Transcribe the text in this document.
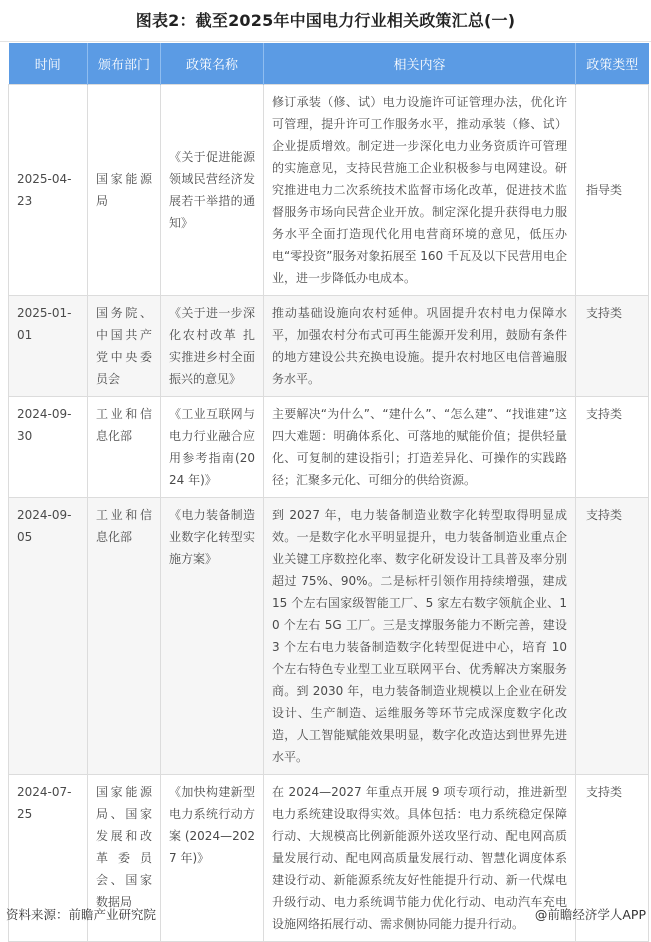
图表2：截至2025年中国电力行业相关政策汇总(一)
时间	颁布部门	政策名称	相关内容	政策类型
2025-04-23	国家能源局	《关于促进能源领域民营经济发展若干举措的通知》	修订承装（修、试）电力设施许可证管理办法，优化许可管理，提升许可工作服务水平，推动承装（修、试）企业提质增效。制定进一步深化电力业务资质许可管理的实施意见，支持民营施工企业积极参与电网建设。研究推进电力二次系统技术监督市场化改革，促进技术监督服务市场向民营企业开放。制定深化提升获得电力服务水平全面打造现代化用电营商环境的意见，低压办电“零投资”服务对象拓展至 160 千瓦及以下民营用电企业，进一步降低办电成本。	指导类
2025-01-01	国务院、中国共产党中央委员会	《关于进一步深化农村改革 扎实推进乡村全面振兴的意见》	推动基础设施向农村延伸。巩固提升农村电力保障水平，加强农村分布式可再生能源开发利用，鼓励有条件的地方建设公共充换电设施。提升农村地区电信普遍服务水平。	支持类
2024-09-30	工业和信息化部	《工业互联网与电力行业融合应用参考指南(2024 年)》	主要解决“为什么”、“建什么”、“怎么建”、“找谁建”这四大难题：明确体系化、可落地的赋能价值；提供轻量化、可复制的建设指引；打造差异化、可操作的实践路径；汇聚多元化、可细分的供给资源。	支持类
2024-09-05	工业和信息化部	《电力装备制造业数字化转型实施方案》	到 2027 年，电力装备制造业数字化转型取得明显成效。一是数字化水平明显提升，电力装备制造业重点企业关键工序数控化率、数字化研发设计工具普及率分别超过 75%、90%。二是标杆引领作用持续增强，建成 15 个左右国家级智能工厂、5 家左右数字领航企业、10 个左右 5G 工厂。三是支撑服务能力不断完善，建设 3 个左右电力装备制造数字化转型促进中心，培育 10 个左右特色专业型工业互联网平台、优秀解决方案服务商。到 2030 年，电力装备制造业规模以上企业在研发设计、生产制造、运维服务等环节完成深度数字化改造，人工智能赋能效果明显，数字化改造达到世界先进水平。	支持类
2024-07-25	国家能源局、国家发展和改革委员会、国家数据局	《加快构建新型电力系统行动方案(2024—2027 年)》	在 2024—2027 年重点开展 9 项专项行动，推进新型电力系统建设取得实效。具体包括：电力系统稳定保障行动、大规模高比例新能源外送攻坚行动、配电网高质量发展行动、配电网高质量发展行动、智慧化调度体系建设行动、新能源系统友好性能提升行动、新一代煤电升级行动、电力系统调节能力优化行动、电动汽车充电设施网络拓展行动、需求侧协同能力提升行动。	支持类
资料来源：前瞻产业研究院	@前瞻经济学人APP
